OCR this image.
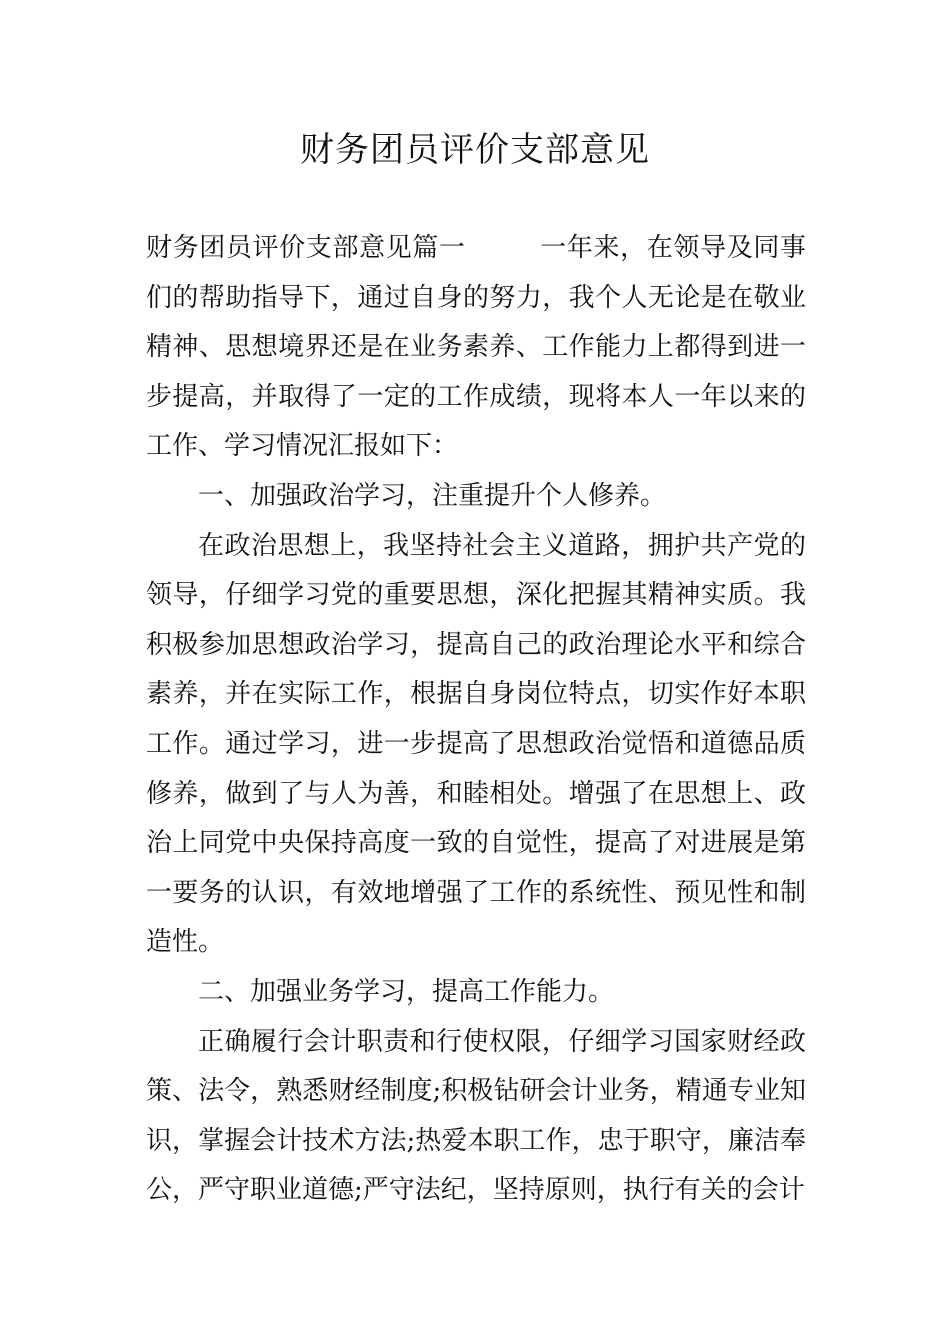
财务团员评价支部意见

财务团员评价支部意见篇一	一年来，在领导及同事们的帮助指导下，通过自身的努力，我个人无论是在敬业精神、思想境界还是在业务素养、工作能力上都得到进一步提高，并取得了一定的工作成绩，现将本人一年以来的工作、学习情况汇报如下：

一、加强政治学习，注重提升个人修养。

在政治思想上，我坚持社会主义道路，拥护共产党的领导，仔细学习党的重要思想，深化把握其精神实质。我积极参加思想政治学习，提高自己的政治理论水平和综合素养，并在实际工作，根据自身岗位特点，切实作好本职工作。通过学习，进一步提高了思想政治觉悟和道德品质修养，做到了与人为善，和睦相处。增强了在思想上、政治上同党中央保持高度一致的自觉性，提高了对进展是第一要务的认识，有效地增强了工作的系统性、预见性和制造性。

二、加强业务学习，提高工作能力。

正确履行会计职责和行使权限，仔细学习国家财经政策、法令，熟悉财经制度;积极钻研会计业务，精通专业知识，掌握会计技术方法;热爱本职工作，忠于职守，廉洁奉公，严守职业道德;严守法纪，坚持原则，执行有关的会计
